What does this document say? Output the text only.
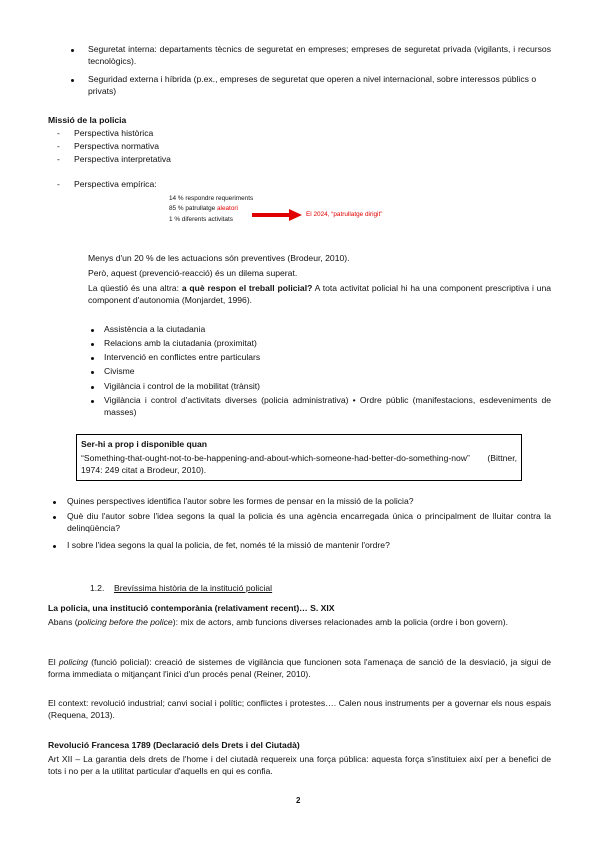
Seguretat interna: departaments tècnics de seguretat en empreses; empreses de seguretat privada (vigilants, i recursos tecnològics).
Seguridad externa i híbrida (p.ex., empreses de seguretat que operen a nivel internacional, sobre interessos públics o privats)
Missió de la policia
- Perspectiva històrica
- Perspectiva normativa
- Perspectiva interpretativa
- Perspectiva empírica:
14 % respondre requeriments
85 % patrullatge aleatori
1 % diferents activitats
El 2024, “patrullatge dirigit”
Menys d'un 20 % de les actuacions són preventives (Brodeur, 2010).
Però, aquest (prevenció-reacció) és un dilema superat.
La qüestió és una altra: a què respon el treball policial? A tota activitat policial hi ha una component prescriptiva i una component d'autonomia (Monjardet, 1996).
Assistència a la ciutadania
Relacions amb la ciutadania (proximitat)
Intervenció en conflictes entre particulars
Civisme
Vigilància i control de la mobilitat (trànsit)
Vigilància i control d'activitats diverses (policia administrativa) • Ordre públic (manifestacions, esdeveniments de masses)
Ser-hi a prop i disponible quan
“Something-that-ought-not-to-be-happening-and-about-which-someone-had-better-do-something-now” (Bittner, 1974: 249 citat a Brodeur, 2010).
Quines perspectives identifica l'autor sobre les formes de pensar en la missió de la policia?
Què diu l'autor sobre l'idea segons la qual la policia és una agència encarregada única o principalment de lluitar contra la delinqüència?
I sobre l'idea segons la qual la policia, de fet, només té la missió de mantenir l'ordre?
1.2. Brevíssima història de la institució policial
La policia, una institució contemporània (relativament recent)… S. XIX
Abans (policing before the police): mix de actors, amb funcions diverses relacionades amb la policia (ordre i bon govern).
El policing (funció policial): creació de sistemes de vigilància que funcionen sota l'amenaça de sanció de la desviació, ja sigui de forma immediata o mitjançant l'inici d'un procés penal (Reiner, 2010).
El context: revolució industrial; canvi social i polític; conflictes i protestes…. Calen nous instruments per a governar els nous espais (Requena, 2013).
Revolució Francesa 1789 (Declaració dels Drets i del Ciutadà)
Art XII – La garantia dels drets de l'home i del ciutadà requereix una força pública: aquesta força s'instituiex així per a benefici de tots i no per a la utilitat particular d'aquells en qui es confia.
2
